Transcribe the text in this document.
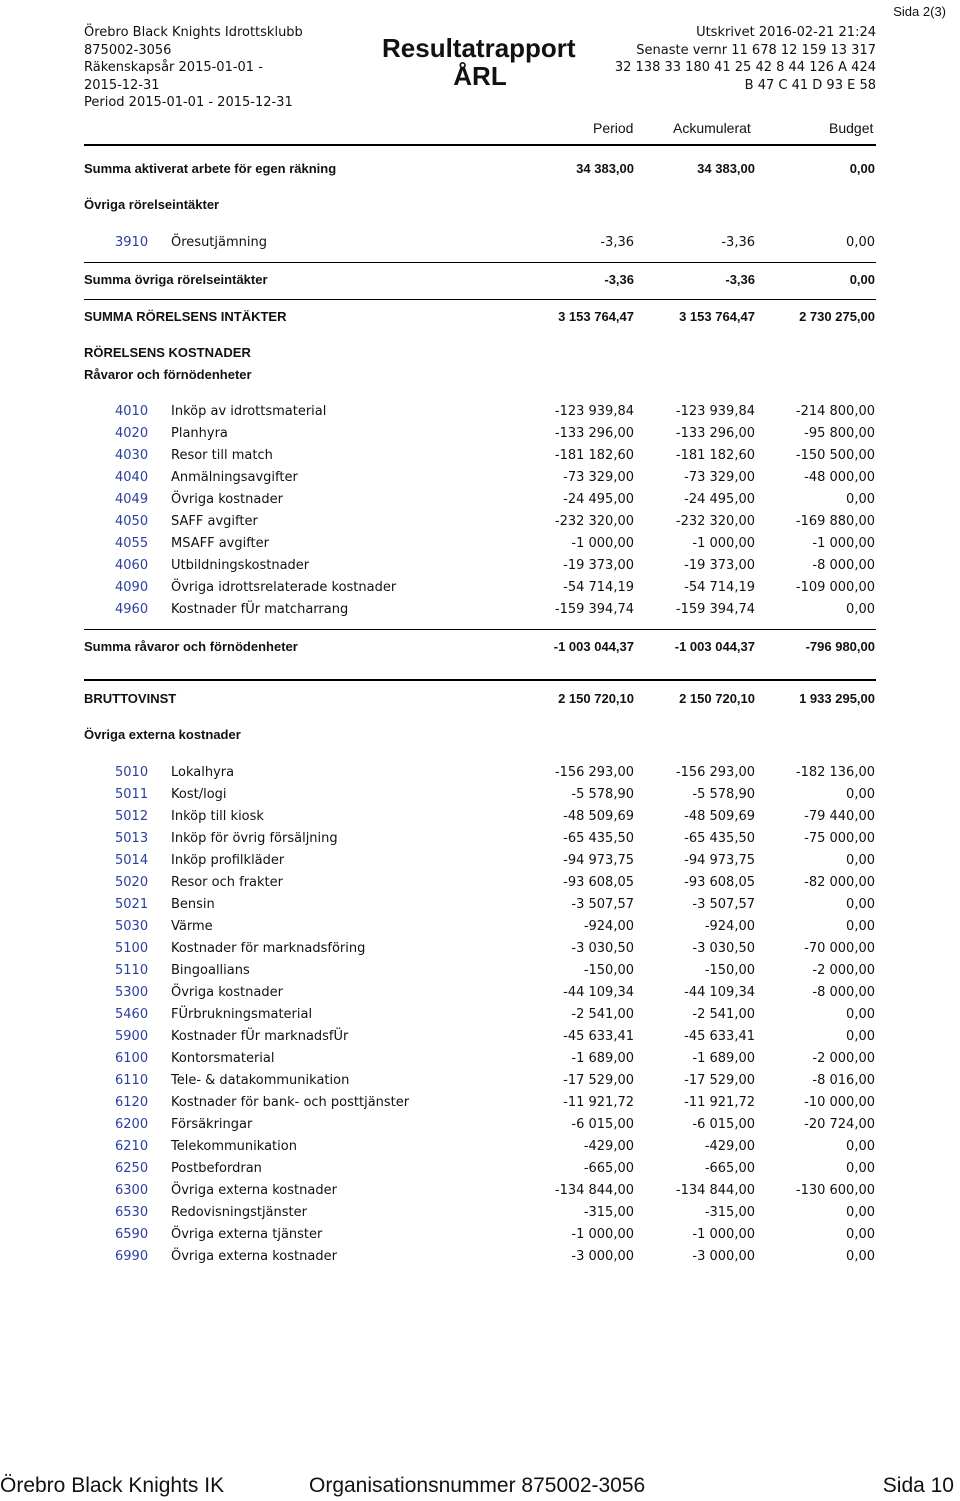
Sida 2(3)
Örebro Black Knights Idrottsklubb
875002-3056
Räkenskapsår 2015-01-01 -
2015-12-31
Period 2015-01-01 - 2015-12-31
Resultatrapport
ÅRL
Utskrivet 2016-02-21 21:24
Senaste vernr 11 678 12 159 13 317
32 138 33 180 41 25 42 8 44 126 A 424
B 47 C 41 D 93 E 58
Period	Ackumulerat	Budget
Summa aktiverat arbete för egen räkning	34 383,00	34 383,00	0,00
Övriga rörelseintäkter
3910 Öresutjämning	-3,36	-3,36	0,00
Summa övriga rörelseintäkter	-3,36	-3,36	0,00
SUMMA RÖRELSENS INTÄKTER	3 153 764,47	3 153 764,47	2 730 275,00
RÖRELSENS KOSTNADER
Råvaror och förnödenheter
4010 Inköp av idrottsmaterial	-123 939,84	-123 939,84	-214 800,00
4020 Planhyra	-133 296,00	-133 296,00	-95 800,00
4030 Resor till match	-181 182,60	-181 182,60	-150 500,00
4040 Anmälningsavgifter	-73 329,00	-73 329,00	-48 000,00
4049 Övriga kostnader	-24 495,00	-24 495,00	0,00
4050 SAFF avgifter	-232 320,00	-232 320,00	-169 880,00
4055 MSAFF avgifter	-1 000,00	-1 000,00	-1 000,00
4060 Utbildningskostnader	-19 373,00	-19 373,00	-8 000,00
4090 Övriga idrottsrelaterade kostnader	-54 714,19	-54 714,19	-109 000,00
4960 Kostnader fÜr matcharrang	-159 394,74	-159 394,74	0,00
Summa råvaror och förnödenheter	-1 003 044,37	-1 003 044,37	-796 980,00
BRUTTOVINST	2 150 720,10	2 150 720,10	1 933 295,00
Övriga externa kostnader
5010 Lokalhyra	-156 293,00	-156 293,00	-182 136,00
5011 Kost/logi	-5 578,90	-5 578,90	0,00
5012 Inköp till kiosk	-48 509,69	-48 509,69	-79 440,00
5013 Inköp för övrig försäljning	-65 435,50	-65 435,50	-75 000,00
5014 Inköp profilkläder	-94 973,75	-94 973,75	0,00
5020 Resor och frakter	-93 608,05	-93 608,05	-82 000,00
5021 Bensin	-3 507,57	-3 507,57	0,00
5030 Värme	-924,00	-924,00	0,00
5100 Kostnader för marknadsföring	-3 030,50	-3 030,50	-70 000,00
5110 Bingoallians	-150,00	-150,00	-2 000,00
5300 Övriga kostnader	-44 109,34	-44 109,34	-8 000,00
5460 FÜrbrukningsmaterial	-2 541,00	-2 541,00	0,00
5900 Kostnader fÜr marknadsfÜr	-45 633,41	-45 633,41	0,00
6100 Kontorsmaterial	-1 689,00	-1 689,00	-2 000,00
6110 Tele- & datakommunikation	-17 529,00	-17 529,00	-8 016,00
6120 Kostnader för bank- och posttjänster	-11 921,72	-11 921,72	-10 000,00
6200 Försäkringar	-6 015,00	-6 015,00	-20 724,00
6210 Telekommunikation	-429,00	-429,00	0,00
6250 Postbefordran	-665,00	-665,00	0,00
6300 Övriga externa kostnader	-134 844,00	-134 844,00	-130 600,00
6530 Redovisningstjänster	-315,00	-315,00	0,00
6590 Övriga externa tjänster	-1 000,00	-1 000,00	0,00
6990 Övriga externa kostnader	-3 000,00	-3 000,00	0,00
Örebro Black Knights IK	Organisationsnummer 875002-3056	Sida 10
